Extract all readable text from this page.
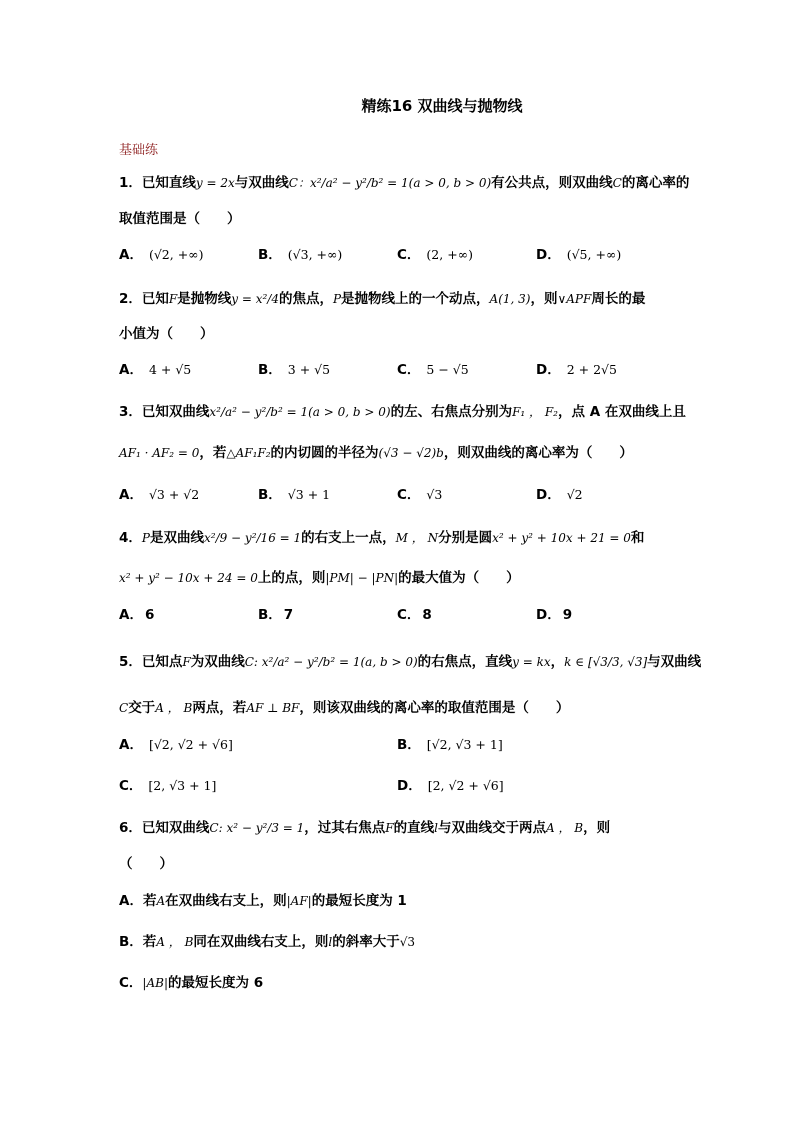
精练16 双曲线与抛物线
基础练
1．已知直线y = 2x与双曲线C：x²/a² − y²/b² = 1(a > 0, b > 0)有公共点，则双曲线C的离心率的
取值范围是（　　）
A． (√2, +∞)	B． (√3, +∞)	C． (2, +∞)	D． (√5, +∞)
2．已知F是抛物线y = x²/4的焦点，P是抛物线上的一个动点，A(1, 3)，则∨APF周长的最
小值为（　　）
A． 4 + √5	B． 3 + √5	C． 5 − √5	D． 2 + 2√5
3．已知双曲线x²/a² − y²/b² = 1(a > 0, b > 0)的左、右焦点分别为F₁ ， F₂，点 A 在双曲线上且
AF₁ · AF₂ = 0，若△AF₁F₂的内切圆的半径为(√3 − √2)b，则双曲线的离心率为（　　）
A． √3 + √2	B． √3 + 1	C． √3	D． √2
4．P是双曲线x²/9 − y²/16 = 1的右支上一点，M ， N分别是圆x² + y² + 10x + 21 = 0和
x² + y² − 10x + 24 = 0上的点，则|PM| − |PN|的最大值为（　　）
A． 6	B． 7	C． 8	D． 9
5．已知点F为双曲线C: x²/a² − y²/b² = 1(a, b > 0)的右焦点，直线y = kx，k ∈ [√3/3, √3]与双曲线
C交于A ， B两点，若AF ⊥ BF，则该双曲线的离心率的取值范围是（　　）
A． [√2, √2 + √6]	B． [√2, √3 + 1]
C． [2, √3 + 1]	D． [2, √2 + √6]
6．已知双曲线C: x² − y²/3 = 1，过其右焦点F的直线l与双曲线交于两点A ， B，则
（　　）
A．若A在双曲线右支上，则|AF|的最短长度为 1
B．若A ， B同在双曲线右支上，则l的斜率大于√3
C．|AB|的最短长度为 6
